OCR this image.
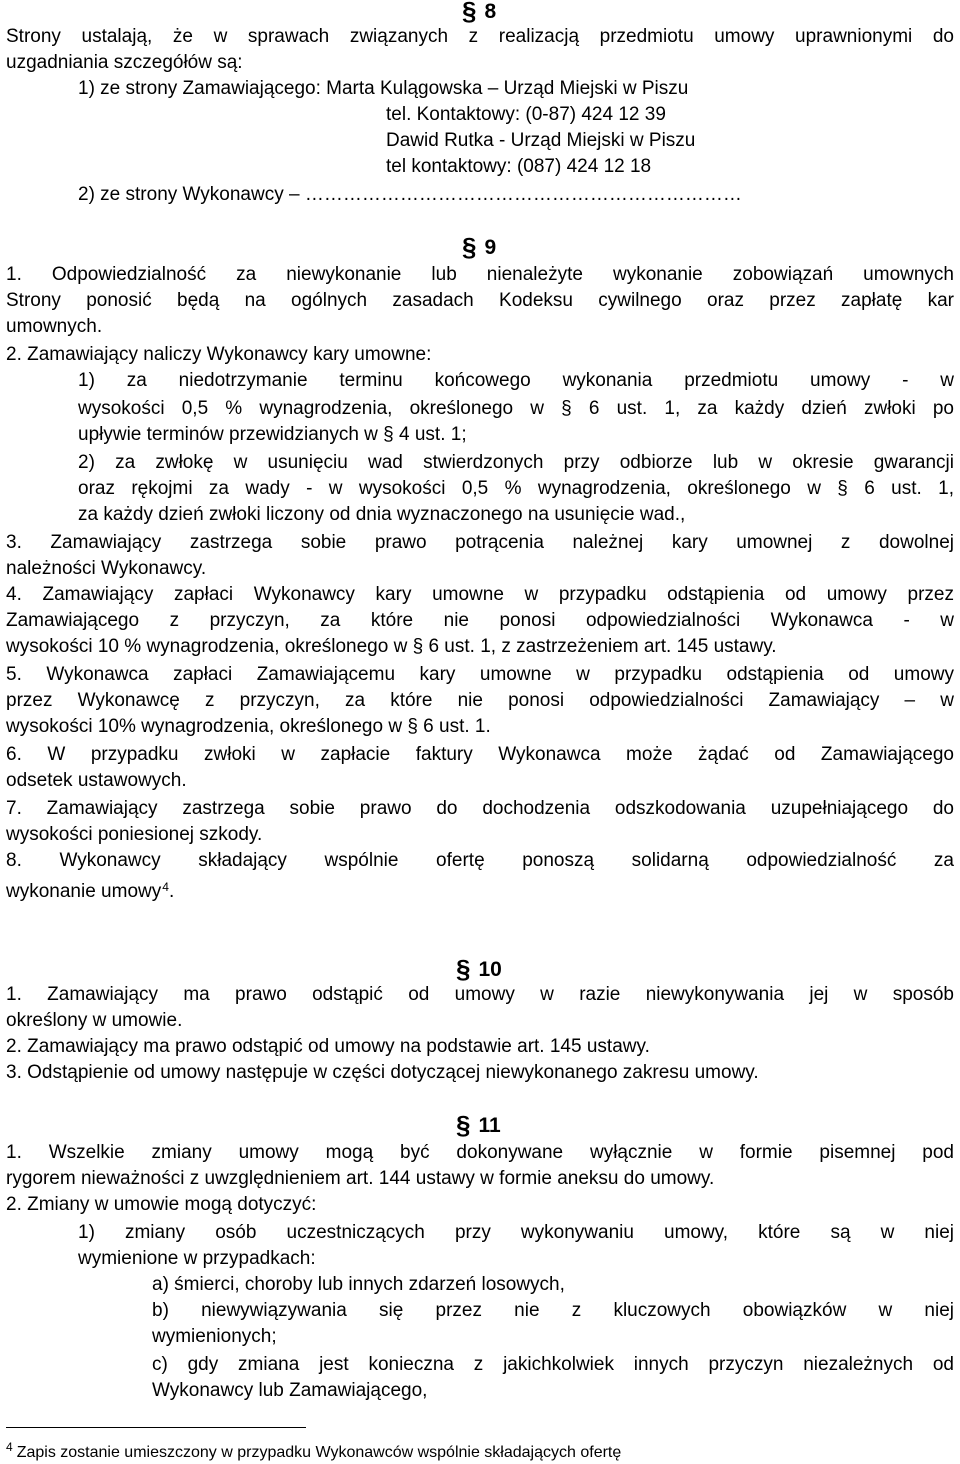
§ 8
Strony ustalają, że w sprawach związanych z realizacją przedmiotu umowy uprawnionymi do
uzgadniania szczegółów są:
1) ze strony Zamawiającego: Marta Kulągowska – Urząd Miejski w Piszu
tel. Kontaktowy: (0-87) 424 12 39
Dawid Rutka - Urząd Miejski w Piszu
tel kontaktowy: (087) 424 12 18
2) ze strony Wykonawcy – ……………………………………………………………
§ 9
1. Odpowiedzialność za niewykonanie lub nienależyte wykonanie zobowiązań umownych
Strony ponosić będą na ogólnych zasadach Kodeksu cywilnego oraz przez zapłatę kar
umownych.
2. Zamawiający naliczy Wykonawcy kary umowne:
1) za niedotrzymanie terminu końcowego wykonania przedmiotu umowy - w
wysokości 0,5 % wynagrodzenia, określonego w § 6 ust. 1, za każdy dzień zwłoki po
upływie terminów przewidzianych w § 4 ust. 1;
2) za zwłokę w usunięciu wad stwierdzonych przy odbiorze lub w okresie gwarancji
oraz rękojmi za wady - w wysokości 0,5 % wynagrodzenia, określonego w § 6 ust. 1,
za każdy dzień zwłoki liczony od dnia wyznaczonego na usunięcie wad.,
3. Zamawiający zastrzega sobie prawo potrącenia należnej kary umownej z dowolnej
należności Wykonawcy.
4. Zamawiający zapłaci Wykonawcy kary umowne w przypadku odstąpienia od umowy przez
Zamawiającego z przyczyn, za które nie ponosi odpowiedzialności Wykonawca - w
wysokości 10 % wynagrodzenia, określonego w § 6 ust. 1, z zastrzeżeniem art. 145 ustawy.
5. Wykonawca zapłaci Zamawiającemu kary umowne w przypadku odstąpienia od umowy
przez Wykonawcę z przyczyn, za które nie ponosi odpowiedzialności Zamawiający – w
wysokości 10% wynagrodzenia, określonego w § 6 ust. 1.
6. W przypadku zwłoki w zapłacie faktury Wykonawca może żądać od Zamawiającego
odsetek ustawowych.
7. Zamawiający zastrzega sobie prawo do dochodzenia odszkodowania uzupełniającego do
wysokości poniesionej szkody.
8. Wykonawcy składający wspólnie ofertę ponoszą solidarną odpowiedzialność za
wykonanie umowy$^4$.
§ 10
1. Zamawiający ma prawo odstąpić od umowy w razie niewykonywania jej w sposób
określony w umowie.
2. Zamawiający ma prawo odstąpić od umowy na podstawie art. 145 ustawy.
3. Odstąpienie od umowy następuje w części dotyczącej niewykonanego zakresu umowy.
§ 11
1. Wszelkie zmiany umowy mogą być dokonywane wyłącznie w formie pisemnej pod
rygorem nieważności z uwzględnieniem art. 144 ustawy w formie aneksu do umowy.
2. Zmiany w umowie mogą dotyczyć:
1) zmiany osób uczestniczących przy wykonywaniu umowy, które są w niej
wymienione w przypadkach:
a) śmierci, choroby lub innych zdarzeń losowych,
b) niewywiązywania się przez nie z kluczowych obowiązków w niej
wymienionych;
c) gdy zmiana jest konieczna z jakichkolwiek innych przyczyn niezależnych od
Wykonawcy lub Zamawiającego,
$^4$ Zapis zostanie umieszczony w przypadku Wykonawców wspólnie składających ofertę
